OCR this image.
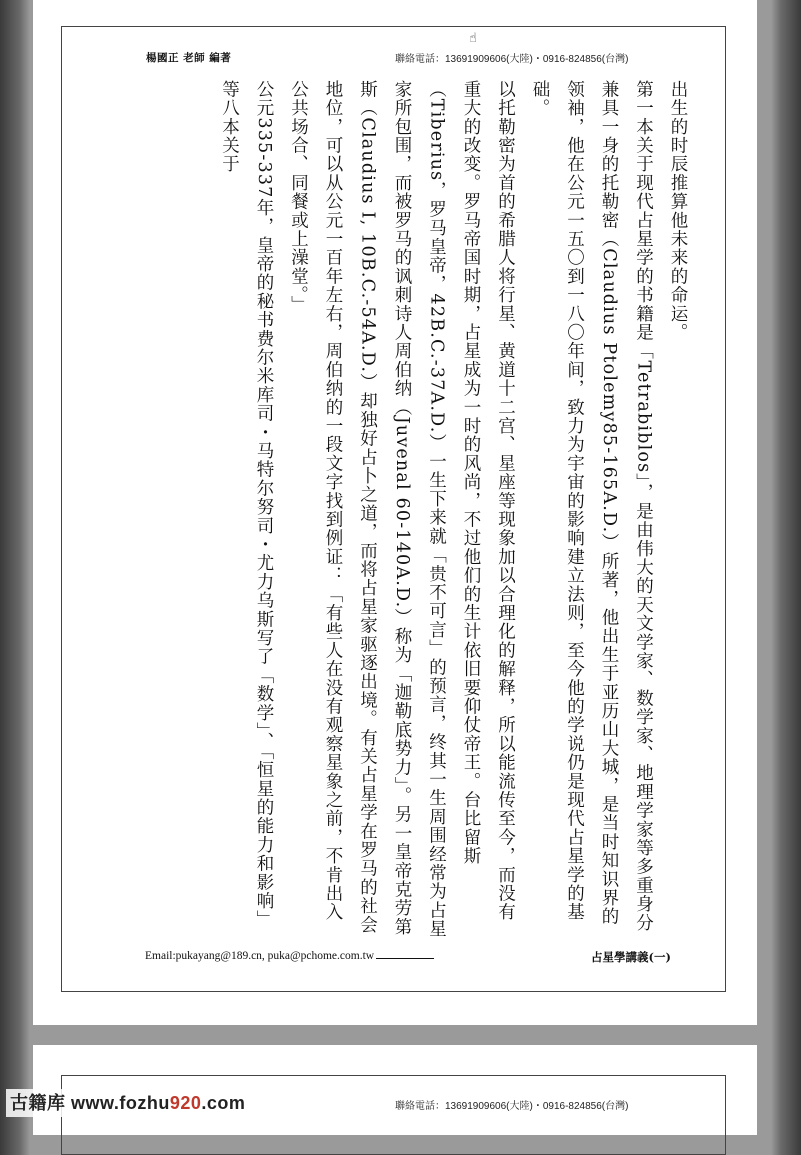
☝
楊國正 老師 編著	聯絡電話：13691909606(大陸)・0916-824856(台灣)

出生的时辰推算他未来的命运。

第一本关于现代占星学的书籍是「Tetrabiblos」，是由伟大的天文学家、数学家、地理学家等多重身分兼具一身的托勒密（Claudius Ptolemy85-165A.D.）所著，他出生于亚历山大城，是当时知识界的领袖，他在公元一五〇到一八〇年间，致力为宇宙的影响建立法则，至今他的学说仍是现代占星学的基础。

以托勒密为首的希腊人将行星、黄道十二宫、星座等现象加以合理化的解释，所以能流传至今，而没有重大的改变。罗马帝国时期，占星成为一时的风尚，不过他们的生计依旧要仰仗帝王。台比留斯（Tiberius，罗马皇帝，42B.C.-37A.D.）一生下来就「贵不可言」的预言，终其一生周围经常为占星家所包围，而被罗马的讽刺诗人周伯纳（Juvenal 60-140A.D.）称为「迦勒底势力」。另一皇帝克劳第斯（Claudius I, 10B.C.-54A.D.）却独好占卜之道，而将占星家驱逐出境。有关占星学在罗马的社会地位，可以从公元一百年左右，周伯纳的一段文字找到例证：「有些人在没有观察星象之前，不肯出入公共场合、同餐或上澡堂。」

公元335-337年，皇帝的秘书费尔米库司・马特尔努司・尤力乌斯写了「数学」、「恒星的能力和影响」等八本关于

Email:pukayang@189.cn, puka@pchome.com.tw	占星學講義(一)
聯絡電話：13691909606(大陸)・0916-824856(台灣)
古籍库 www.fozhu920.com
